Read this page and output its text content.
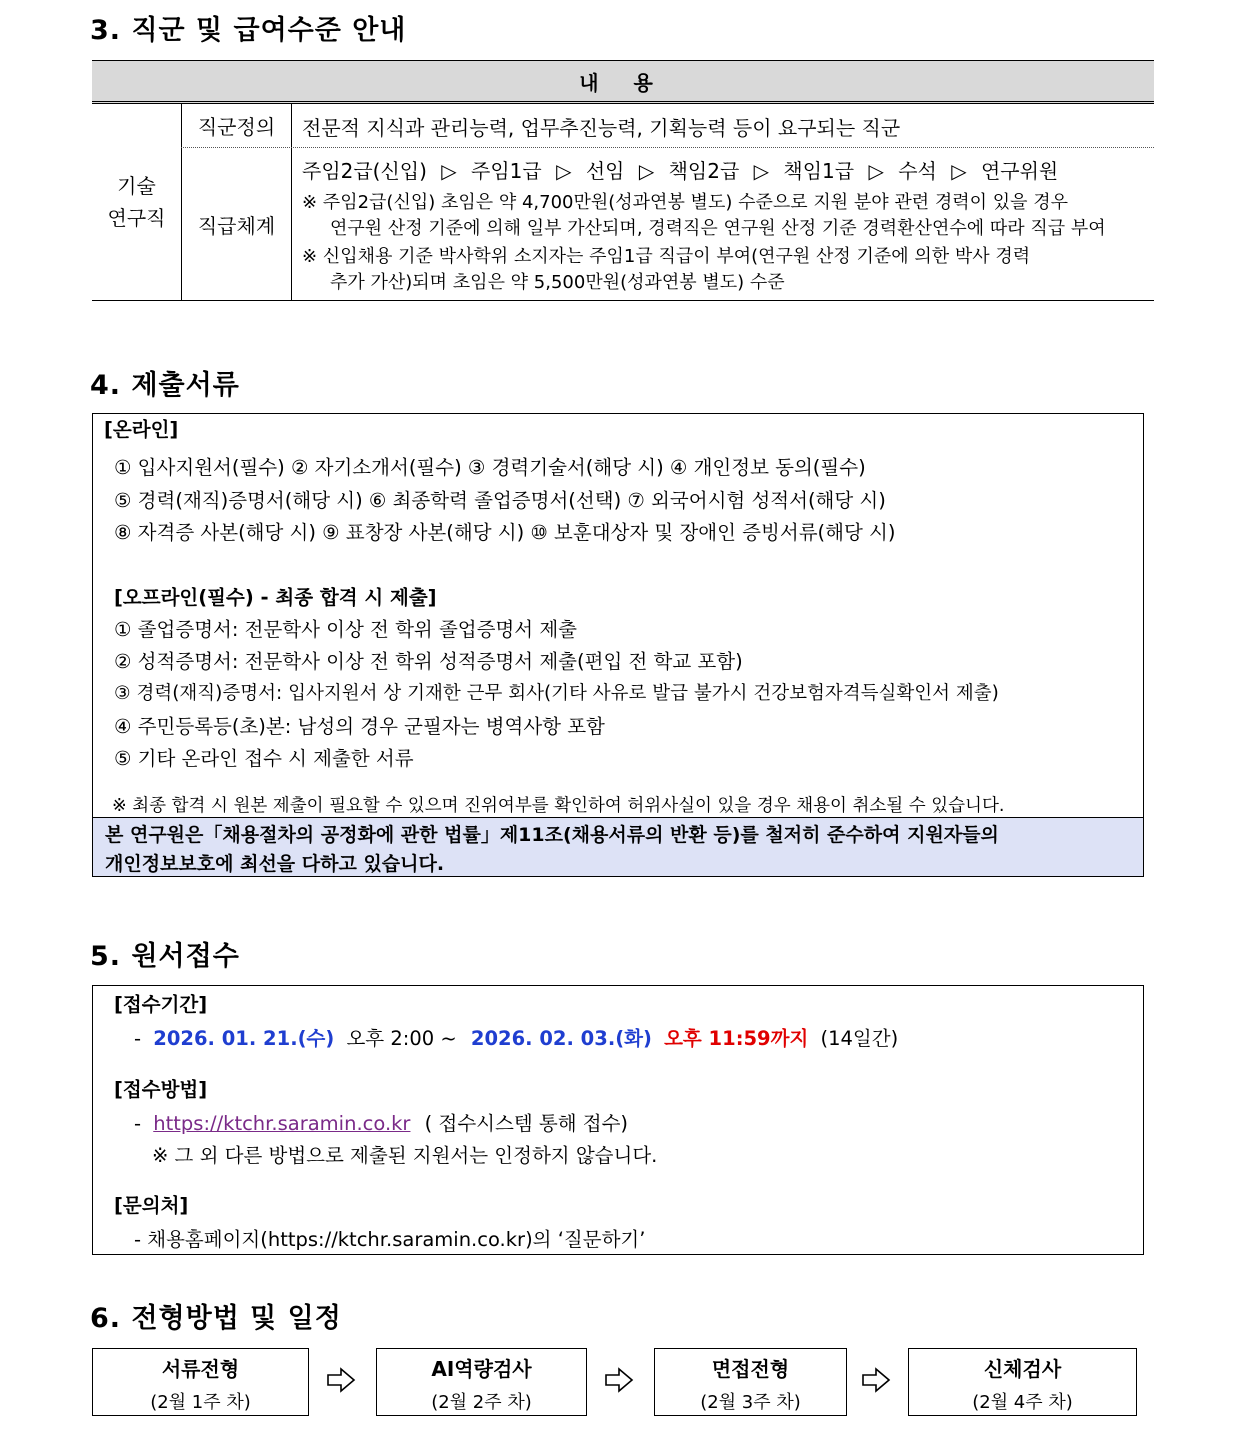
3. 직군 및 급여수준 안내
내 용
기술
연구직
직군정의	전문적 지식과 관리능력, 업무추진능력, 기획능력 등이 요구되는 직군
직급체계
주임2급(신입) ▷ 주임1급 ▷ 선임 ▷ 책임2급 ▷ 책임1급 ▷ 수석 ▷ 연구위원
※ 주임2급(신입) 초임은 약 4,700만원(성과연봉 별도) 수준으로 지원 분야 관련 경력이 있을 경우
연구원 산정 기준에 의해 일부 가산되며, 경력직은 연구원 산정 기준 경력환산연수에 따라 직급 부여
※ 신입채용 기준 박사학위 소지자는 주임1급 직급이 부여(연구원 산정 기준에 의한 박사 경력
추가 가산)되며 초임은 약 5,500만원(성과연봉 별도) 수준
4. 제출서류
[온라인]
① 입사지원서(필수) ② 자기소개서(필수) ③ 경력기술서(해당 시) ④ 개인정보 동의(필수)
⑤ 경력(재직)증명서(해당 시) ⑥ 최종학력 졸업증명서(선택) ⑦ 외국어시험 성적서(해당 시)
⑧ 자격증 사본(해당 시) ⑨ 표창장 사본(해당 시) ⑩ 보훈대상자 및 장애인 증빙서류(해당 시)
[오프라인(필수) - 최종 합격 시 제출]
① 졸업증명서: 전문학사 이상 전 학위 졸업증명서 제출
② 성적증명서: 전문학사 이상 전 학위 성적증명서 제출(편입 전 학교 포함)
③ 경력(재직)증명서: 입사지원서 상 기재한 근무 회사(기타 사유로 발급 불가시 건강보험자격득실확인서 제출)
④ 주민등록등(초)본: 남성의 경우 군필자는 병역사항 포함
⑤ 기타 온라인 접수 시 제출한 서류
※ 최종 합격 시 원본 제출이 필요할 수 있으며 진위여부를 확인하여 허위사실이 있을 경우 채용이 취소될 수 있습니다.
본 연구원은「채용절차의 공정화에 관한 법률」제11조(채용서류의 반환 등)를 철저히 준수하여 지원자들의
개인정보보호에 최선을 다하고 있습니다.
5. 원서접수
[접수기간]
- 2026. 01. 21.(수) 오후 2:00 ~ 2026. 02. 03.(화) 오후 11:59까지 (14일간)
[접수방법]
- https://ktchr.saramin.co.kr ( 접수시스템 통해 접수)
※ 그 외 다른 방법으로 제출된 지원서는 인정하지 않습니다.
[문의처]
- 채용홈페이지(https://ktchr.saramin.co.kr)의 ‘질문하기’
6. 전형방법 및 일정
서류전형
(2월 1주 차)
AI역량검사
(2월 2주 차)
면접전형
(2월 3주 차)
신체검사
(2월 4주 차)
